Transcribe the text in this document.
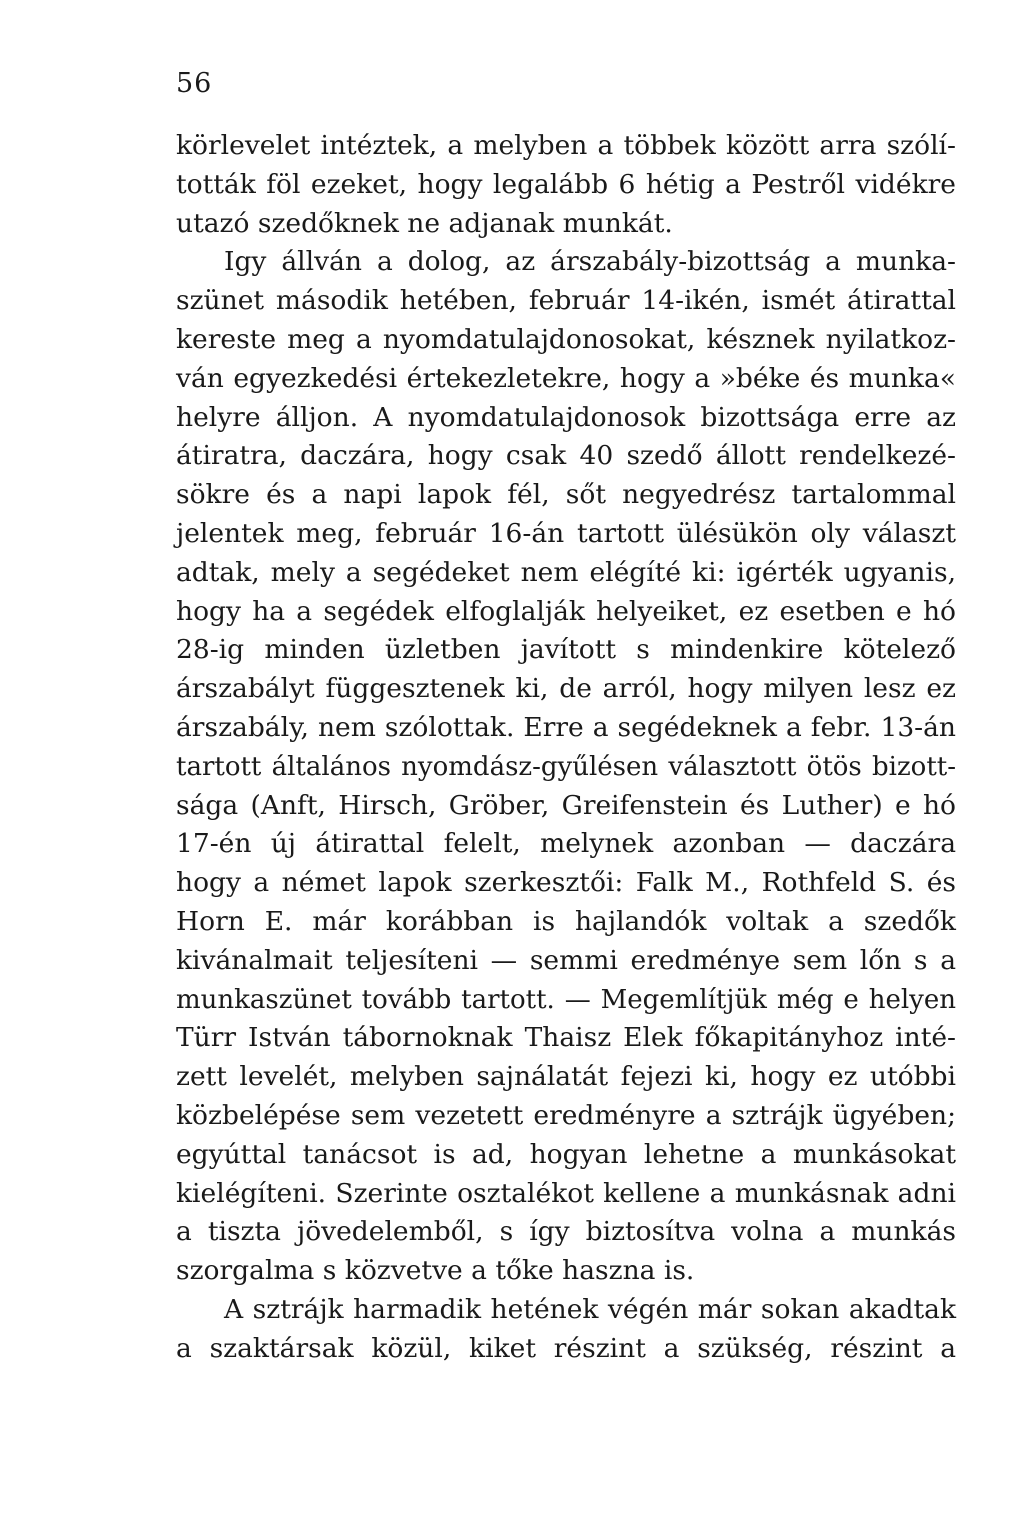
56
körlevelet intéztek, a melyben a többek között arra szólí-
tották föl ezeket, hogy legalább 6 hétig a Pestről vidékre
utazó szedőknek ne adjanak munkát.
Igy állván a dolog, az árszabály-bizottság a munka-
szünet második hetében, február 14-ikén, ismét átirattal
kereste meg a nyomdatulajdonosokat, késznek nyilatkoz-
ván egyezkedési értekezletekre, hogy a »béke és munka«
helyre álljon. A nyomdatulajdonosok bizottsága erre az
átiratra, daczára, hogy csak 40 szedő állott rendelkezé-
sökre és a napi lapok fél, sőt negyedrész tartalommal
jelentek meg, február 16-án tartott ülésükön oly választ
adtak, mely a segédeket nem elégíté ki: igérték ugyanis,
hogy ha a segédek elfoglalják helyeiket, ez esetben e hó
28-ig minden üzletben javított s mindenkire kötelező
árszabályt függesztenek ki, de arról, hogy milyen lesz ez
árszabály, nem szólottak. Erre a segédeknek a febr. 13-án
tartott általános nyomdász-gyűlésen választott ötös bizott-
sága (Anft, Hirsch, Gröber, Greifenstein és Luther) e hó
17-én új átirattal felelt, melynek azonban — daczára
hogy a német lapok szerkesztői: Falk M., Rothfeld S. és
Horn E. már korábban is hajlandók voltak a szedők
kivánalmait teljesíteni — semmi eredménye sem lőn s a
munkaszünet tovább tartott. — Megemlítjük még e helyen
Türr István tábornoknak Thaisz Elek főkapitányhoz inté-
zett levelét, melyben sajnálatát fejezi ki, hogy ez utóbbi
közbelépése sem vezetett eredményre a sztrájk ügyében;
egyúttal tanácsot is ad, hogyan lehetne a munkásokat
kielégíteni. Szerinte osztalékot kellene a munkásnak adni
a tiszta jövedelemből, s így biztosítva volna a munkás
szorgalma s közvetve a tőke haszna is.
A sztrájk harmadik hetének végén már sokan akadtak
a szaktársak közül, kiket részint a szükség, részint a
